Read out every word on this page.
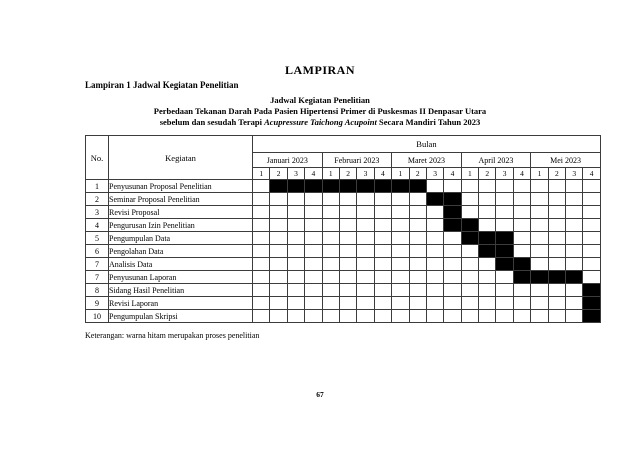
LAMPIRAN
Lampiran 1 Jadwal Kegiatan Penelitian
Jadwal Kegiatan Penelitian
Perbedaan Tekanan Darah Pada Pasien Hipertensi Primer di Puskesmas II Denpasar Utara
sebelum dan sesudah Terapi Acupressure Taichong Acupoint Secara Mandiri Tahun 2023
No.	Kegiatan	Bulan																			
		Januari 2023				Februari 2023				Maret 2023				April 2023				Mei 2023			
		1	2	3	4	1	2	3	4	1	2	3	4	1	2	3	4	1	2	3	4
1	Penyusunan Proposal Penelitian																				
2	Seminar Proposal Penelitian																				
3	Revisi Proposal																				
4	Pengurusan Izin Penelitian																				
5	Pengumpulan Data																				
6	Pengolahan Data																				
7	Analisis Data																				
7	Penyusunan Laporan																				
8	Sidang Hasil Penelitian																				
9	Revisi Laporan																				
10	Pengumpulan Skripsi																				
Keterangan: warna hitam merupakan proses penelitian
67
